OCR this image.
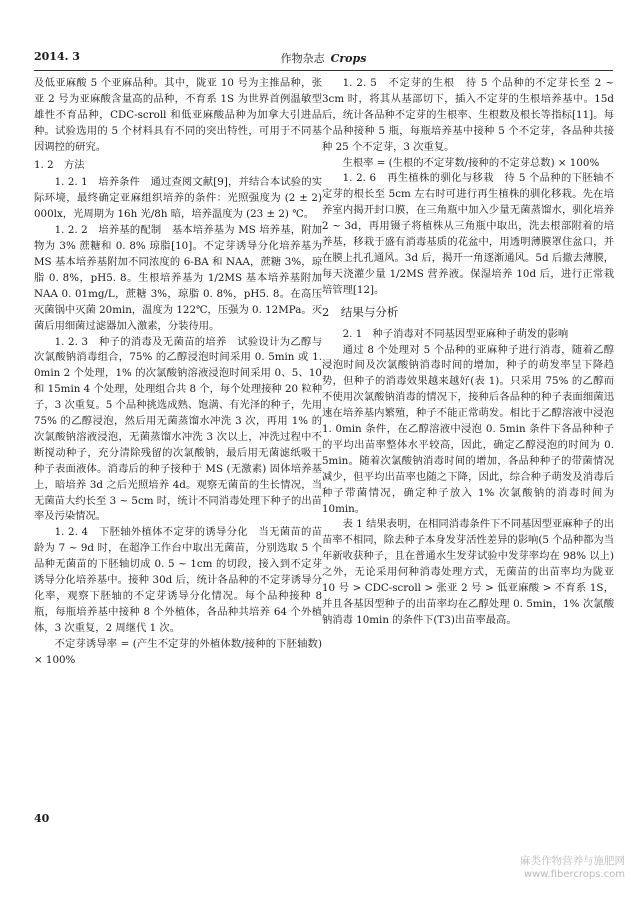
2014. 3	作物杂志 Crops

及低亚麻酸 5 个亚麻品种。其中，陇亚 10 号为主推品种，张亚 2 号为亚麻酸含量高的品种，不育系 1S 为世界首例温敏型雄性不育品种，CDC-scroll 和低亚麻酸品种为加拿大引进品种。试验选用的 5 个材料具有不同的突出特性，可用于不同基因调控的研究。

1. 2　方法

1. 2. 1　培养条件　通过查阅文献[9]，并结合本试验的实际环境，最终确定亚麻组织培养的条件：光照强度为 (2 ± 2) 000lx，光周期为 16h 光/8h 暗，培养温度为 (23 ± 2) ℃。

1. 2. 2　培养基的配制　基本培养基为 MS 培养基，附加物为 3% 蔗糖和 0. 8% 琼脂[10]。不定芽诱导分化培养基为 MS 基本培养基附加不同浓度的 6-BA 和 NAA，蔗糖 3%，琼脂 0. 8%，pH5. 8。生根培养基为 1/2MS 基本培养基附加 NAA 0. 01mg/L，蔗糖 3%，琼脂 0. 8%，pH5. 8。在高压灭菌锅中灭菌 20min，温度为 122℃，压强为 0. 12MPa。灭菌后用细菌过滤器加入激素，分装待用。

1. 2. 3　种子的消毒及无菌苗的培养　试验设计为乙醇与次氯酸钠消毒组合，75% 的乙醇浸泡时间采用 0. 5min 或 1. 0min 2 个处理，1% 的次氯酸钠溶液浸泡时间采用 0、5、10 和 15min 4 个处理，处理组合共 8 个，每个处理接种 20 粒种子，3 次重复。5 个品种挑选成熟、饱满、有光泽的种子，先用 75% 的乙醇浸泡，然后用无菌蒸馏水冲洗 3 次，再用 1% 的次氯酸钠溶液浸泡，无菌蒸馏水冲洗 3 次以上，冲洗过程中不断搅动种子，充分清除残留的次氯酸钠，最后用无菌滤纸吸干种子表面液体。消毒后的种子接种于 MS (无激素) 固体培养基上，暗培养 3d 之后光照培养 4d。观察无菌苗的生长情况，当无菌苗大约长至 3 ~ 5cm 时，统计不同消毒处理下种子的出苗率及污染情况。

1. 2. 4　下胚轴外植体不定芽的诱导分化　当无菌苗的苗龄为 7 ~ 9d 时，在超净工作台中取出无菌苗，分别选取 5 个品种无菌苗的下胚轴切成 0. 5 ~ 1cm 的切段，接入到不定芽诱导分化培养基中。接种 30d 后，统计各品种的不定芽诱导分化率，观察下胚轴的不定芽诱导分化情况。每个品种接种 8 瓶，每瓶培养基中接种 8 个外植体，各品种共培养 64 个外植体，3 次重复，2 周继代 1 次。

不定芽诱导率 = (产生不定芽的外植体数/接种的下胚轴数) × 100%

1. 2. 5　不定芽的生根　待 5 个品种的不定芽长至 2 ~ 3cm 时，将其从基部切下，插入不定芽的生根培养基中。15d 后，统计各品种不定芽的生根率、生根数及根长等指标[11]。每个品种接种 5 瓶，每瓶培养基中接种 5 个不定芽，各品种共接种 25 个不定芽，3 次重复。

生根率 = (生根的不定芽数/接种的不定芽总数) × 100%

1. 2. 6　再生植株的驯化与移栽　待 5 个品种的下胚轴不定芽的根长至 5cm 左右时可进行再生植株的驯化移栽。先在培养室内揭开封口膜，在三角瓶中加入少量无菌蒸馏水，驯化培养 2 ~ 3d，再用镊子将植株从三角瓶中取出，洗去根部附着的培养基，移栽于盛有消毒基质的花盆中，用透明薄膜罩住盆口，并在膜上扎孔通风。3d 后，揭开一角逐渐通风。5d 后撤去薄膜，每天浇灌少量 1/2MS 营养液。保湿培养 10d 后，进行正常栽培管理[12]。

2　结果与分析

2. 1　种子消毒对不同基因型亚麻种子萌发的影响

通过 8 个处理对 5 个品种的亚麻种子进行消毒，随着乙醇浸泡时间及次氯酸钠消毒时间的增加，种子的萌发率呈下降趋势，但种子的消毒效果越来越好(表 1)。只采用 75% 的乙醇而不使用次氯酸钠消毒的情况下，接种后各品种的种子表面细菌迅速在培养基内繁殖，种子不能正常萌发。相比于乙醇溶液中浸泡 1. 0min 条件，在乙醇溶液中浸泡 0. 5min 条件下各品种种子的平均出苗率整体水平较高，因此，确定乙醇浸泡的时间为 0. 5min。随着次氯酸钠消毒时间的增加，各品种种子的带菌情况减少，但平均出苗率也随之下降，因此，综合种子萌发及消毒后种子带菌情况，确定种子放入 1% 次氯酸钠的消毒时间为 10min。

表 1 结果表明，在相同消毒条件下不同基因型亚麻种子的出苗率不相同，除去种子本身发芽活性差异的影响(5 个品种都为当年新收获种子，且在普通水生发芽试验中发芽率均在 98% 以上)之外，无论采用何种消毒处理方式，无菌苗的出苗率均为陇亚 10 号 > CDC-scroll > 张亚 2 号 > 低亚麻酸 > 不育系 1S，并且各基因型种子的出苗率均在乙醇处理 0. 5min，1% 次氯酸钠消毒 10min 的条件下(T3)出苗率最高。

40
麻类作物营养与施肥网
www.fibercrops.com
